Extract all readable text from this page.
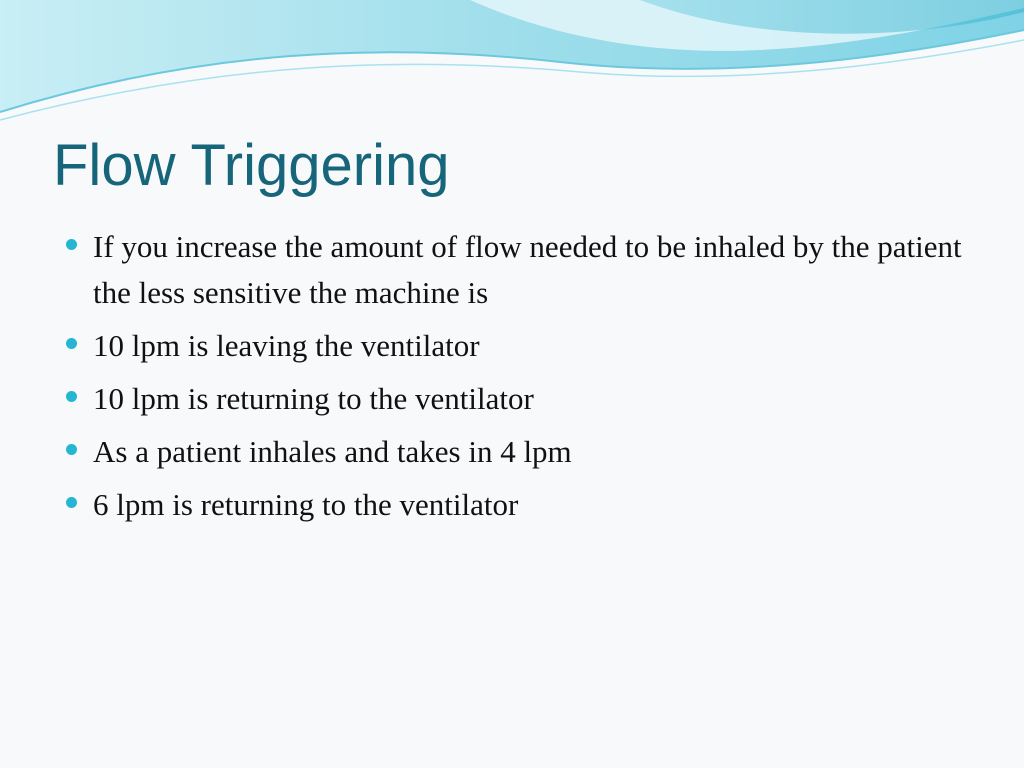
Flow Triggering
If you increase the amount of flow needed to be inhaled by the patient the less sensitive the machine is
10 lpm is leaving the ventilator
10 lpm is returning to the ventilator
As a patient inhales and takes in 4 lpm
6 lpm is returning to the ventilator
